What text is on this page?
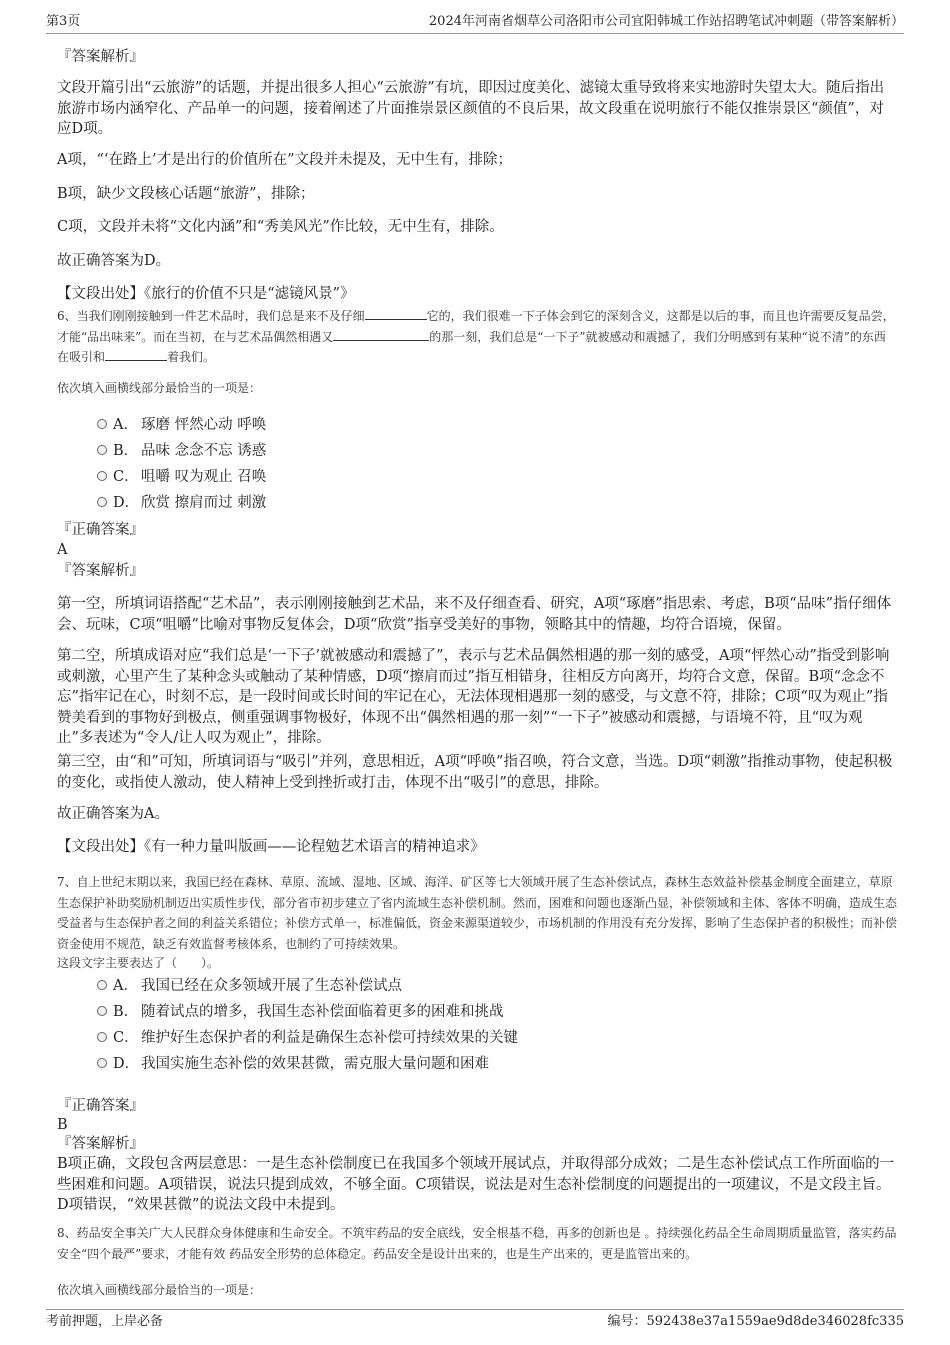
第3页	2024年河南省烟草公司洛阳市公司宜阳韩城工作站招聘笔试冲刺题（带答案解析）
『答案解析』
文段开篇引出“云旅游”的话题，并提出很多人担心“云旅游”有坑，即因过度美化、滤镜太重导致将来实地游时失望太大。随后指出旅游市场内涵窄化、产品单一的问题，接着阐述了片面推崇景区颜值的不良后果，故文段重在说明旅行不能仅推崇景区“颜值”，对应D项。
A项，“‘在路上’才是出行的价值所在”文段并未提及，无中生有，排除；
B项，缺少文段核心话题“旅游”，排除；
C项，文段并未将“文化内涵”和“秀美风光”作比较，无中生有，排除。
故正确答案为D。
【文段出处】《旅行的价值不只是“滤镜风景”》
6、当我们刚刚接触到一件艺术品时，我们总是来不及仔细	它的，我们很难一下子体会到它的深刻含义，这都是以后的事，而且也许需要反复品尝，才能“品出味来”。而在当初，在与艺术品偶然相遇又	的那一刻，我们总是“一下子”就被感动和震撼了，我们分明感到有某种“说不清”的东西在吸引和	着我们。
依次填入画横线部分最恰当的一项是：
A． 琢磨 怦然心动 呼唤
B． 品味 念念不忘 诱惑
C． 咀嚼 叹为观止 召唤
D． 欣赏 擦肩而过 刺激
『正确答案』
A
『答案解析』
第一空，所填词语搭配“艺术品”，表示刚刚接触到艺术品，来不及仔细查看、研究，A项“琢磨”指思索、考虑，B项“品味”指仔细体会、玩味，C项“咀嚼”比喻对事物反复体会，D项“欣赏”指享受美好的事物，领略其中的情趣，均符合语境，保留。
第二空，所填成语对应“我们总是‘一下子’就被感动和震撼了”，表示与艺术品偶然相遇的那一刻的感受，A项“怦然心动”指受到影响或刺激，心里产生了某种念头或触动了某种情感，D项“擦肩而过”指互相错身，往相反方向离开，均符合文意，保留。B项“念念不忘”指牢记在心，时刻不忘，是一段时间或长时间的牢记在心，无法体现相遇那一刻的感受，与文意不符，排除；C项“叹为观止”指赞美看到的事物好到极点，侧重强调事物极好，体现不出“偶然相遇的那一刻”“一下子”被感动和震撼，与语境不符，且“叹为观止”多表述为“令人/让人叹为观止”，排除。
第三空，由“和”可知，所填词语与“吸引”并列，意思相近，A项“呼唤”指召唤，符合文意，当选。D项“刺激”指推动事物，使起积极的变化，或指使人激动，使人精神上受到挫折或打击，体现不出“吸引”的意思，排除。
故正确答案为A。
【文段出处】《有一种力量叫版画——论程勉艺术语言的精神追求》
7、自上世纪末期以来，我国已经在森林、草原、流域、湿地、区域、海洋、矿区等七大领域开展了生态补偿试点，森林生态效益补偿基金制度全面建立，草原生态保护补助奖励机制迈出实质性步伐，部分省市初步建立了省内流域生态补偿机制。然而，困难和问题也逐渐凸显，补偿领域和主体、客体不明确，造成生态受益者与生态保护者之间的利益关系错位；补偿方式单一，标准偏低，资金来源渠道较少，市场机制的作用没有充分发挥，影响了生态保护者的积极性；而补偿资金使用不规范，缺乏有效监督考核体系，也制约了可持续效果。
这段文字主要表达了（　　）。
A． 我国已经在众多领域开展了生态补偿试点
B． 随着试点的增多，我国生态补偿面临着更多的困难和挑战
C． 维护好生态保护者的利益是确保生态补偿可持续效果的关键
D． 我国实施生态补偿的效果甚微，需克服大量问题和困难
『正确答案』
B
『答案解析』
B项正确，文段包含两层意思：一是生态补偿制度已在我国多个领域开展试点，并取得部分成效；二是生态补偿试点工作所面临的一些困难和问题。A项错误，说法只提到成效，不够全面。C项错误，说法是对生态补偿制度的问题提出的一项建议，不是文段主旨。D项错误，“效果甚微”的说法文段中未提到。
8、药品安全事关广大人民群众身体健康和生命安全。不筑牢药品的安全底线，安全根基不稳，再多的创新也是 。持续强化药品全生命周期质量监管，落实药品安全“四个最严”要求，才能有效 药品安全形势的总体稳定。药品安全是设计出来的，也是生产出来的，更是监管出来的。
依次填入画横线部分最恰当的一项是：
考前押题，上岸必备	编号：592438e37a1559ae9d8de346028fc335
